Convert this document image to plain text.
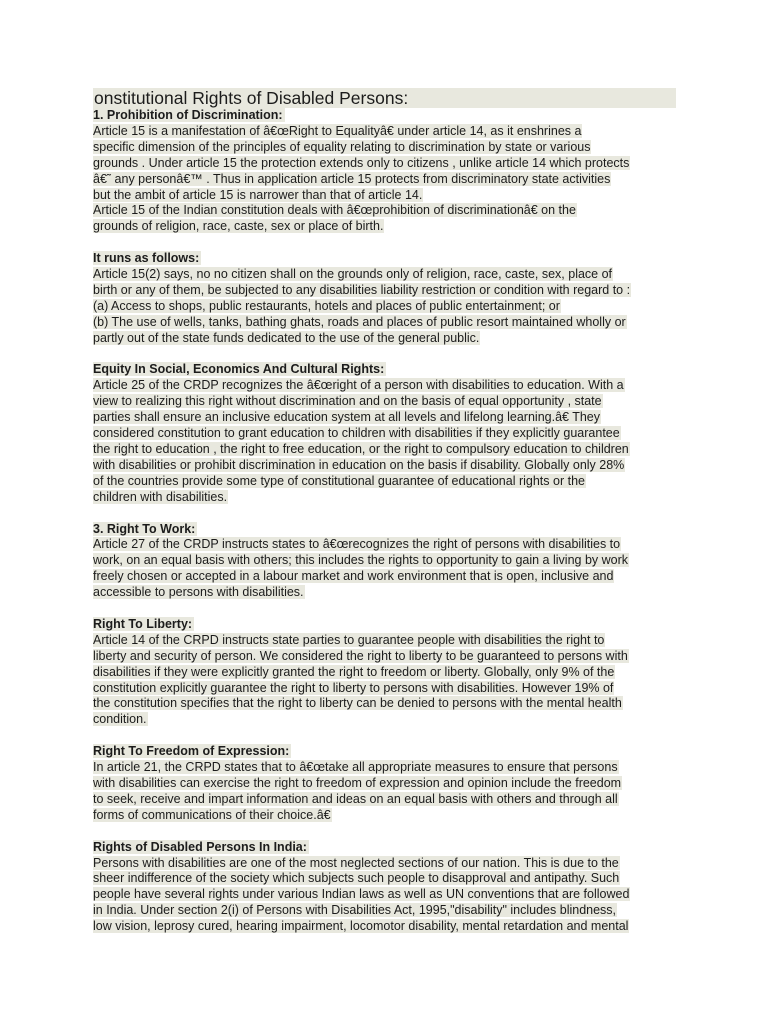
onstitutional Rights of Disabled Persons:
1. Prohibition of Discrimination:
Article 15 is a manifestation of â€œRight to Equalityâ€ under article 14, as it enshrines a
specific dimension of the principles of equality relating to discrimination by state or various
grounds . Under article 15 the protection extends only to citizens , unlike article 14 which protects
â€˜ any personâ€™ . Thus in application article 15 protects from discriminatory state activities
but the ambit of article 15 is narrower than that of article 14.
Article 15 of the Indian constitution deals with â€œprohibition of discriminationâ€ on the
grounds of religion, race, caste, sex or place of birth.
It runs as follows:
Article 15(2) says, no no citizen shall on the grounds only of religion, race, caste, sex, place of
birth or any of them, be subjected to any disabilities liability restriction or condition with regard to :
(a) Access to shops, public restaurants, hotels and places of public entertainment; or
(b) The use of wells, tanks, bathing ghats, roads and places of public resort maintained wholly or
partly out of the state funds dedicated to the use of the general public.
Equity In Social, Economics And Cultural Rights:
Article 25 of the CRDP recognizes the â€œright of a person with disabilities to education. With a
view to realizing this right without discrimination and on the basis of equal opportunity , state
parties shall ensure an inclusive education system at all levels and lifelong learning.â€ They
considered constitution to grant education to children with disabilities if they explicitly guarantee
the right to education , the right to free education, or the right to compulsory education to children
with disabilities or prohibit discrimination in education on the basis if disability. Globally only 28%
of the countries provide some type of constitutional guarantee of educational rights or the
children with disabilities.
3. Right To Work:
Article 27 of the CRDP instructs states to â€œrecognizes the right of persons with disabilities to
work, on an equal basis with others; this includes the rights to opportunity to gain a living by work
freely chosen or accepted in a labour market and work environment that is open, inclusive and
accessible to persons with disabilities.
Right To Liberty:
Article 14 of the CRPD instructs state parties to guarantee people with disabilities the right to
liberty and security of person. We considered the right to liberty to be guaranteed to persons with
disabilities if they were explicitly granted the right to freedom or liberty. Globally, only 9% of the
constitution explicitly guarantee the right to liberty to persons with disabilities. However 19% of
the constitution specifies that the right to liberty can be denied to persons with the mental health
condition.
Right To Freedom of Expression:
In article 21, the CRPD states that to â€œtake all appropriate measures to ensure that persons
with disabilities can exercise the right to freedom of expression and opinion include the freedom
to seek, receive and impart information and ideas on an equal basis with others and through all
forms of communications of their choice.â€
Rights of Disabled Persons In India:
Persons with disabilities are one of the most neglected sections of our nation. This is due to the
sheer indifference of the society which subjects such people to disapproval and antipathy. Such
people have several rights under various Indian laws as well as UN conventions that are followed
in India. Under section 2(i) of Persons with Disabilities Act, 1995,"disability" includes blindness,
low vision, leprosy cured, hearing impairment, locomotor disability, mental retardation and mental
